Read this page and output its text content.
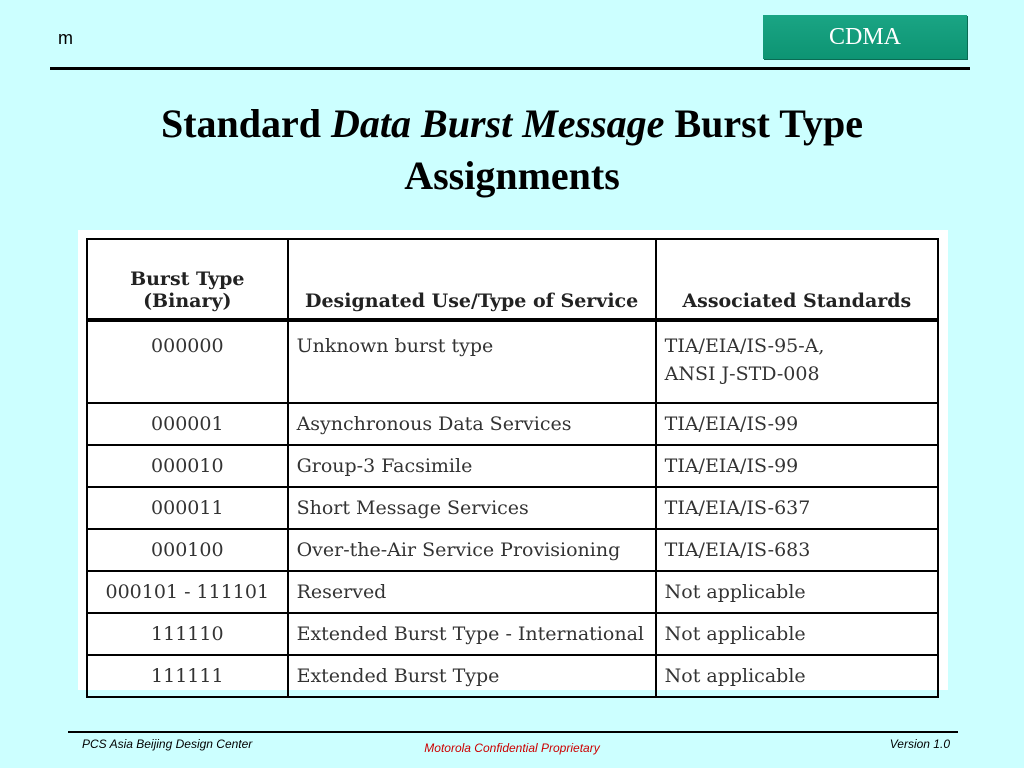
m	CDMA
Standard Data Burst Message Burst Type
Assignments
Burst Type
(Binary)	Designated Use/Type of Service	Associated Standards
000000	Unknown burst type	TIA/EIA/IS-95-A,
ANSI J-STD-008
000001	Asynchronous Data Services	TIA/EIA/IS-99
000010	Group-3 Facsimile	TIA/EIA/IS-99
000011	Short Message Services	TIA/EIA/IS-637
000100	Over-the-Air Service Provisioning	TIA/EIA/IS-683
000101 - 111101	Reserved	Not applicable
111110	Extended Burst Type - International	Not applicable
111111	Extended Burst Type	Not applicable
PCS Asia Beijing Design Center	Motorola Confidential Proprietary	Version 1.0
